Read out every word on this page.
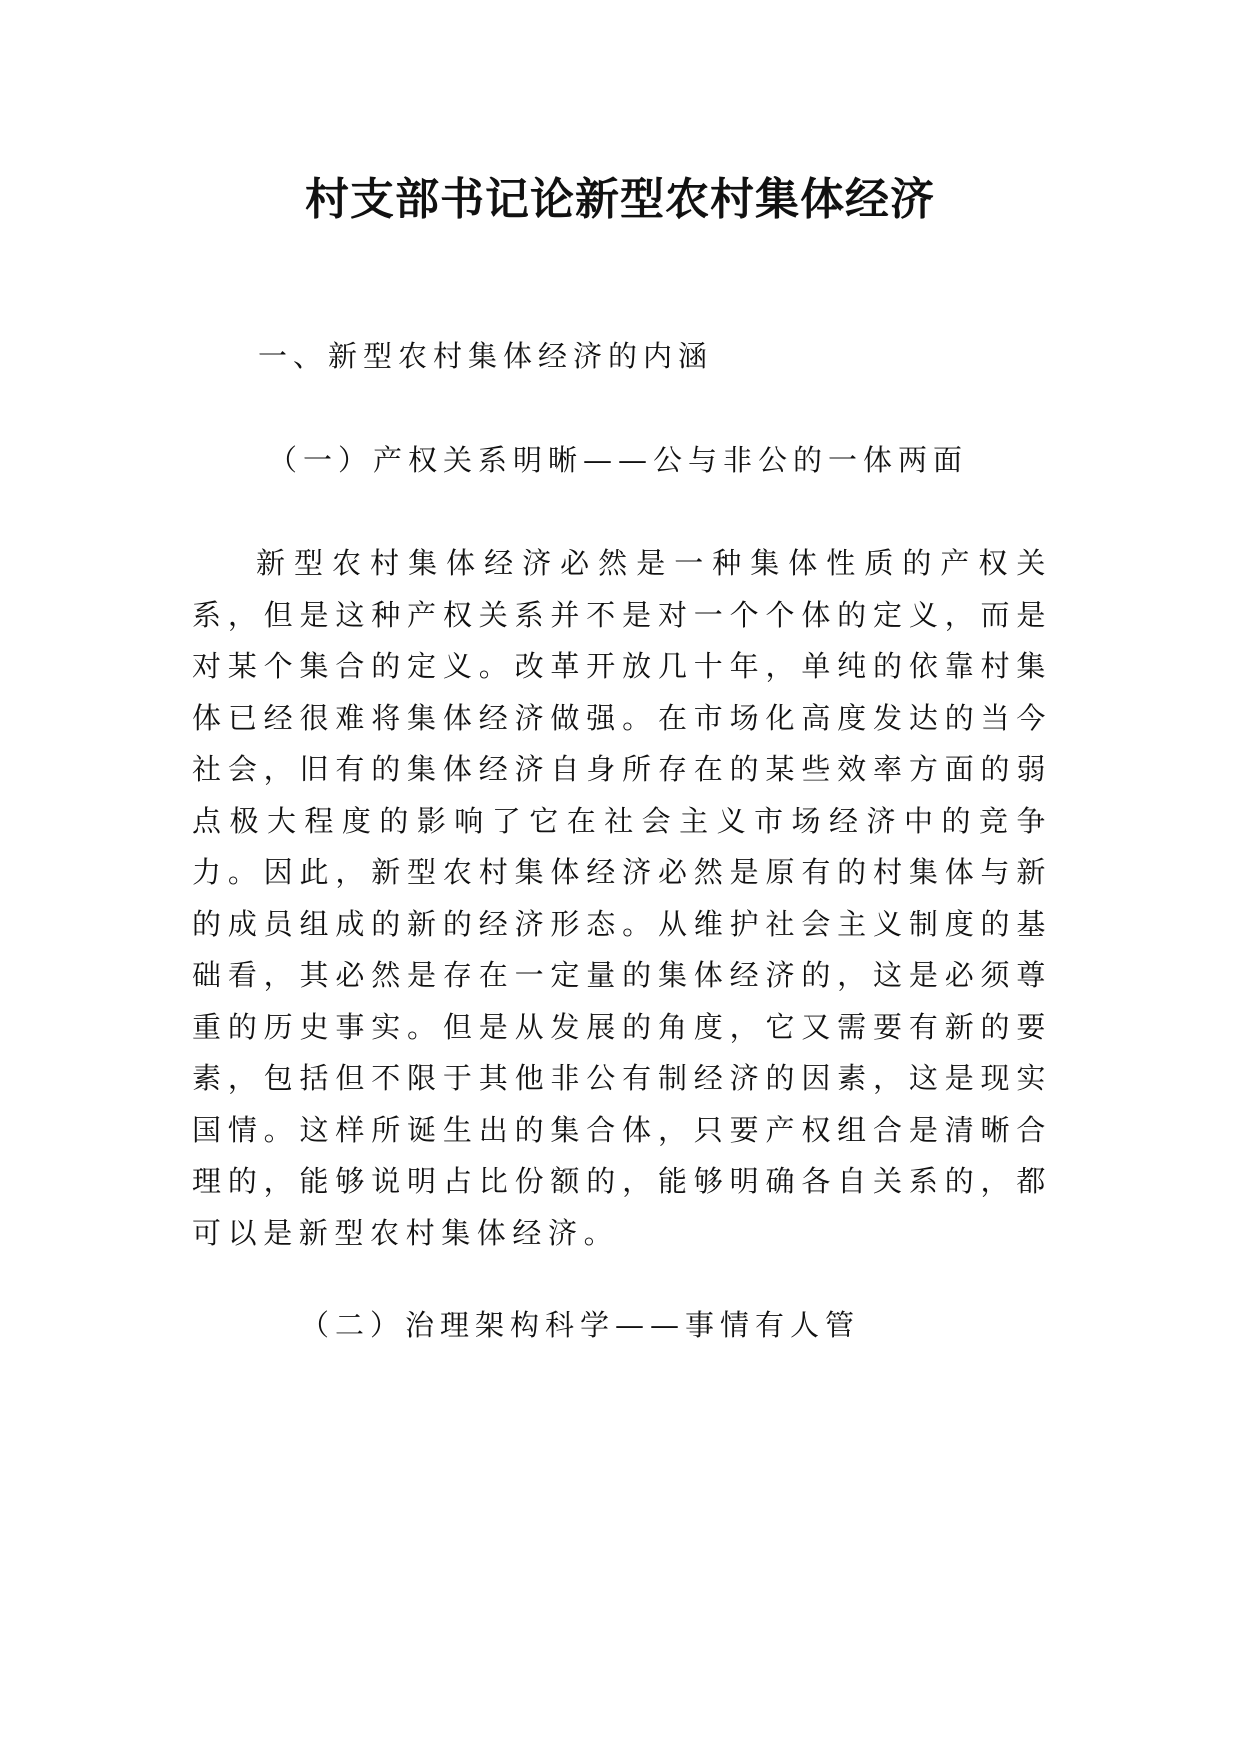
村支部书记论新型农村集体经济
一、新型农村集体经济的内涵
（一）产权关系明晰——公与非公的一体两面

新型农村集体经济必然是一种集体性质的产权关系，但是这种产权关系并不是对一个个体的定义，而是对某个集合的定义。改革开放几十年，单纯的依靠村集体已经很难将集体经济做强。在市场化高度发达的当今社会，旧有的集体经济自身所存在的某些效率方面的弱点极大程度的影响了它在社会主义市场经济中的竞争力。因此，新型农村集体经济必然是原有的村集体与新的成员组成的新的经济形态。从维护社会主义制度的基础看，其必然是存在一定量的集体经济的，这是必须尊重的历史事实。但是从发展的角度，它又需要有新的要素，包括但不限于其他非公有制经济的因素，这是现实国情。这样所诞生出的集合体，只要产权组合是清晰合理的，能够说明占比份额的，能够明确各自关系的，都可以是新型农村集体经济。

（二）治理架构科学——事情有人管
